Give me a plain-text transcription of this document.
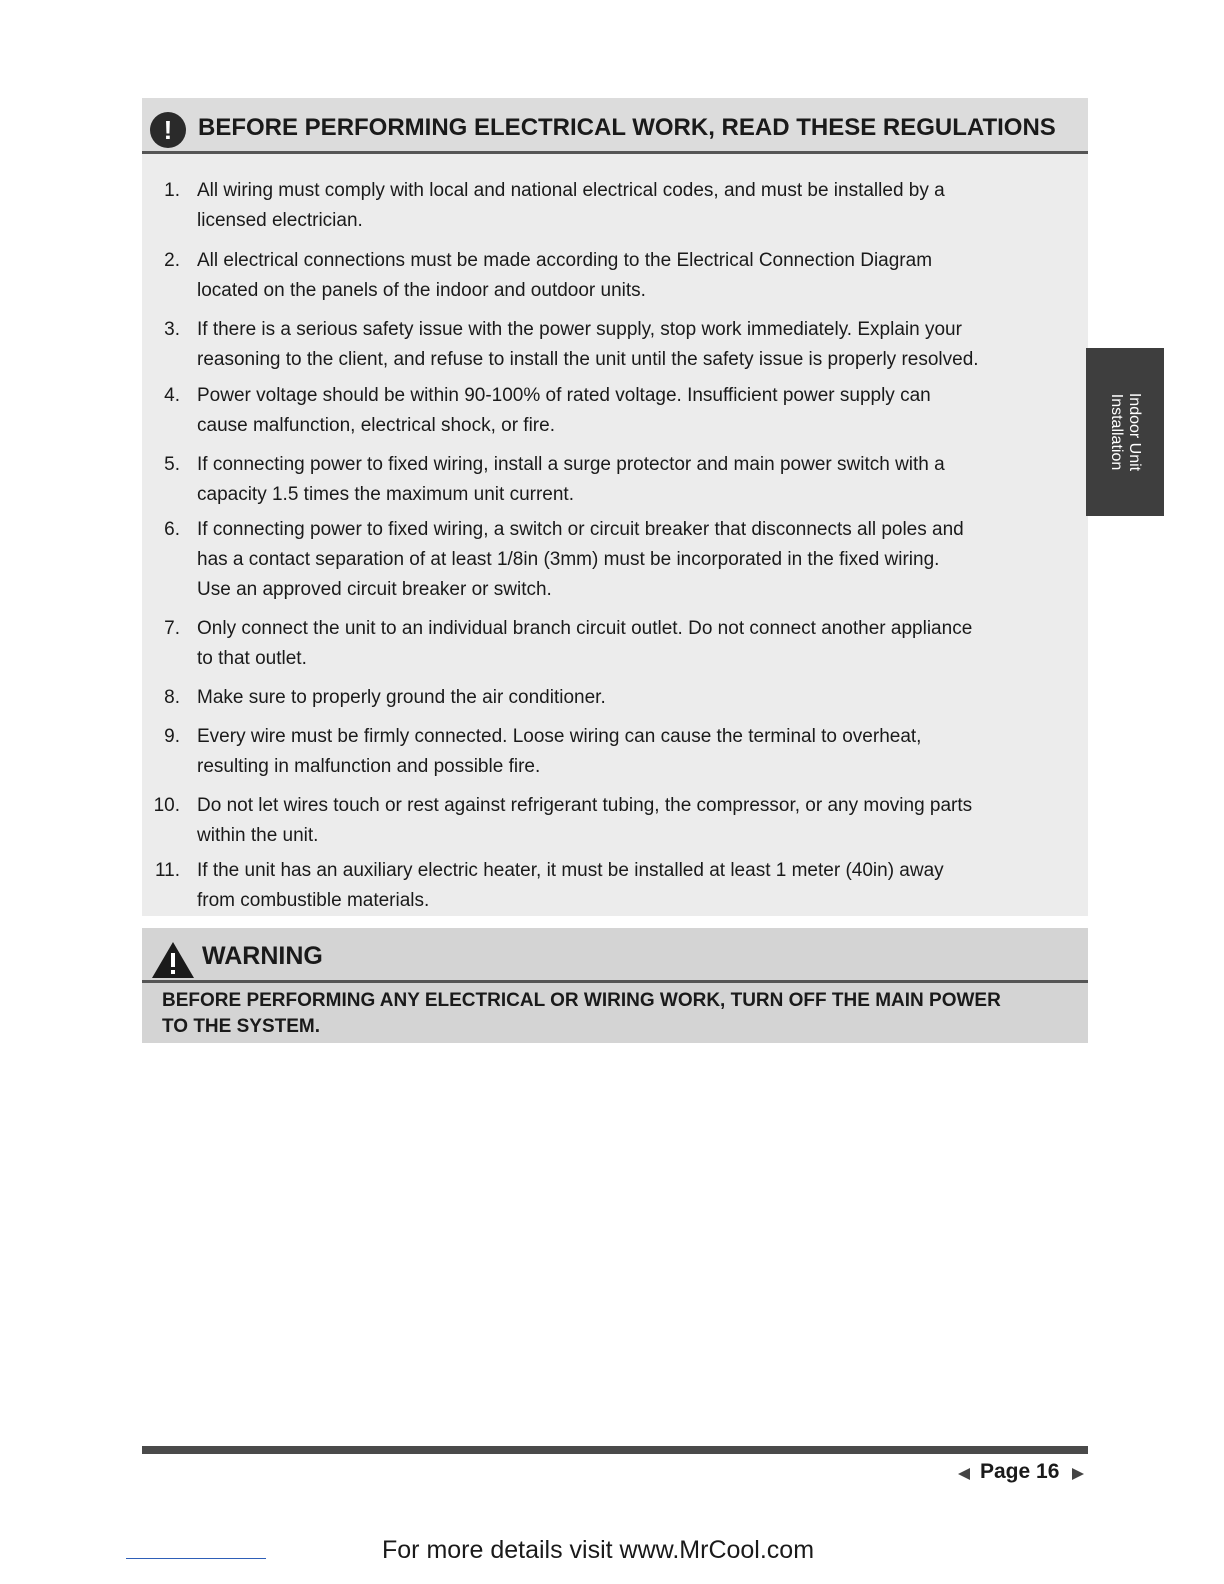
!	BEFORE PERFORMING ELECTRICAL WORK, READ THESE REGULATIONS
1. All wiring must comply with local and national electrical codes, and must be installed by a
licensed electrician.
2. All electrical connections must be made according to the Electrical Connection Diagram
located on the panels of the indoor and outdoor units.
3. If there is a serious safety issue with the power supply, stop work immediately. Explain your
reasoning to the client, and refuse to install the unit until the safety issue is properly resolved.
4. Power voltage should be within 90-100% of rated voltage. Insufficient power supply can
cause malfunction, electrical shock, or fire.
5. If connecting power to fixed wiring, install a surge protector and main power switch with a
capacity 1.5 times the maximum unit current.
6. If connecting power to fixed wiring, a switch or circuit breaker that disconnects all poles and
has a contact separation of at least 1/8in (3mm) must be incorporated in the fixed wiring.
Use an approved circuit breaker or switch.
7. Only connect the unit to an individual branch circuit outlet. Do not connect another appliance
to that outlet.
8. Make sure to properly ground the air conditioner.
9. Every wire must be firmly connected. Loose wiring can cause the terminal to overheat,
resulting in malfunction and possible fire.
10. Do not let wires touch or rest against refrigerant tubing, the compressor, or any moving parts
within the unit.
11. If the unit has an auxiliary electric heater, it must be installed at least 1 meter (40in) away
from combustible materials.
Indoor Unit
Installation
WARNING
BEFORE PERFORMING ANY ELECTRICAL OR WIRING WORK, TURN OFF THE MAIN POWER
TO THE SYSTEM.
Page 16
For more details visit www.MrCool.com
